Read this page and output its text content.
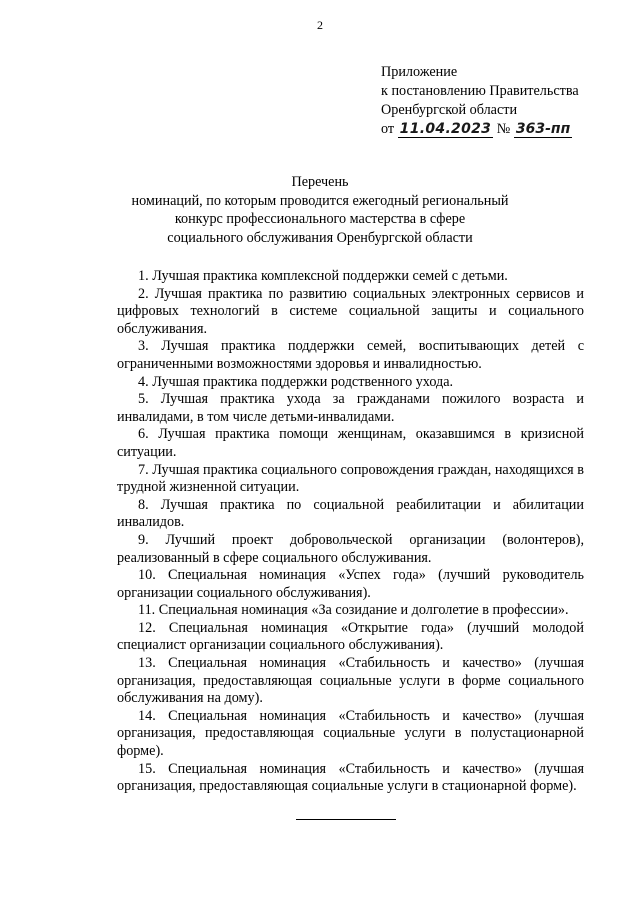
2
Приложение
к постановлению Правительства
Оренбургской области
от 11.04.2023 № 363-пп
Перечень
номинаций, по которым проводится ежегодный региональный
конкурс профессионального мастерства в сфере
социального обслуживания Оренбургской области

1. Лучшая практика комплексной поддержки семей с детьми.

2. Лучшая практика по развитию социальных электронных сервисов и цифровых технологий в системе социальной защиты и социального обслуживания.

3. Лучшая практика поддержки семей, воспитывающих детей с ограниченными возможностями здоровья и инвалидностью.

4. Лучшая практика поддержки родственного ухода.

5. Лучшая практика ухода за гражданами пожилого возраста и инвалидами, в том числе детьми-инвалидами.

6. Лучшая практика помощи женщинам, оказавшимся в кризисной ситуации.

7. Лучшая практика социального сопровождения граждан, находящихся в трудной жизненной ситуации.

8. Лучшая практика по социальной реабилитации и абилитации инвалидов.

9. Лучший проект добровольческой организации (волонтеров), реализованный в сфере социального обслуживания.

10. Специальная номинация «Успех года» (лучший руководитель организации социального обслуживания).

11. Специальная номинация «За созидание и долголетие в профессии».

12. Специальная номинация «Открытие года» (лучший молодой специалист организации социального обслуживания).

13. Специальная номинация «Стабильность и качество» (лучшая организация, предоставляющая социальные услуги в форме социального обслуживания на дому).

14. Специальная номинация «Стабильность и качество» (лучшая организация, предоставляющая социальные услуги в полустационарной форме).

15. Специальная номинация «Стабильность и качество» (лучшая организация, предоставляющая социальные услуги в стационарной форме).
